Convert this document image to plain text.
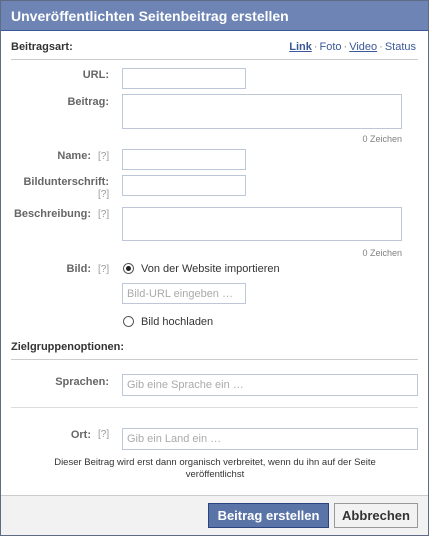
Unveröffentlichten Seitenbeitrag erstellen
Beitragsart:	Link · Foto · Video · Status
URL:
Beitrag:
0 Zeichen
Name: [?]
Bildunterschrift:
[?]
Beschreibung: [?]
0 Zeichen
Bild: [?]	Von der Website importieren
Bild-URL eingeben …
Bild hochladen
Zielgruppenoptionen:
Sprachen:
Gib eine Sprache ein …
Ort: [?]
Gib ein Land ein …
Dieser Beitrag wird erst dann organisch verbreitet, wenn du ihn auf der Seite veröffentlichst
Beitrag erstellen	Abbrechen
